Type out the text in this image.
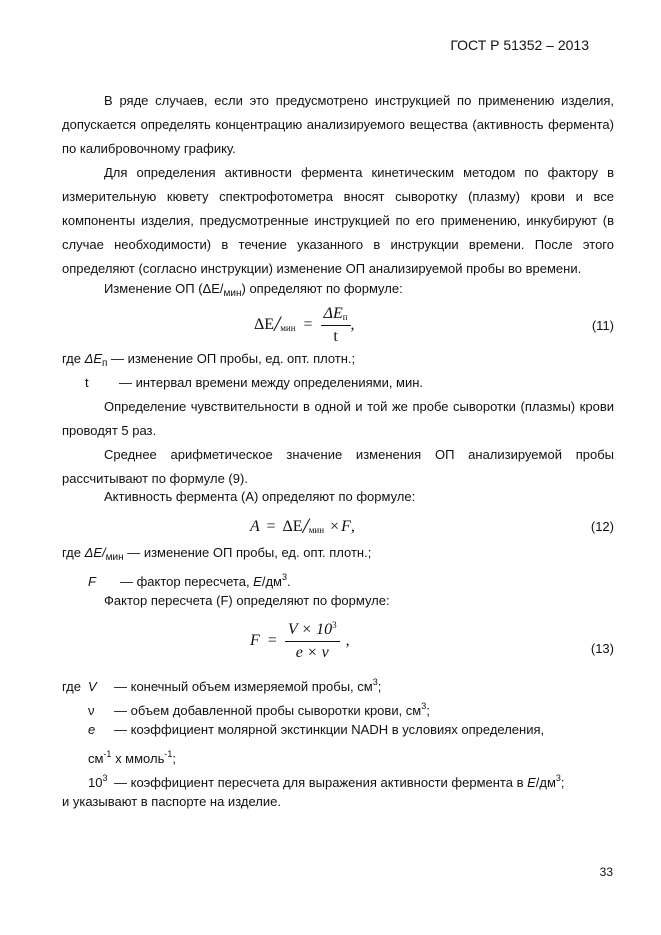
ГОСТ Р 51352 – 2013

В ряде случаев, если это предусмотрено инструкцией по применению изделия, допускается определять концентрацию анализируемого вещества (активность фермента) по калибровочному графику.

Для определения активности фермента кинетическим методом по фактору в измерительную кювету спектрофотометра вносят сыворотку (плазму) крови и все компоненты изделия, предусмотренные инструкцией по его применению, инкубируют (в случае необходимости) в течение указанного в инструкции времени. После этого определяют (согласно инструкции) изменение ОП анализируемой пробы во времени.

Изменение ОП $(\Delta Е/_{мин})$ определяют по формуле:
$\Delta E/мин = \frac{\text{ΔEп}}{t}$ ,	(11)
где $\Delta Е_п$ — изменение ОП пробы, ед. опт. плотн.;
t — интервал времени между определениями, мин.

Определение чувствительности в одной и той же пробе сыворотки (плазмы) крови проводят 5 раз.

Среднее арифметическое значение изменения ОП анализируемой пробы рассчитывают по формуле (9).

Активность фермента (А) определяют по формуле:
A = ΔE/мин × F,	(12)
где $\Delta Е/_{мин}$ — изменение ОП пробы, ед. опт. плотн.;
F — фактор пересчета, $Е/дм^3$.
Фактор пересчета (F) определяют по формуле:
$F = \frac{V \times 10^3}{e \times v}$ ,	(13)
гдеV — конечный объем измеряемой пробы, $см^3$;
ν — объем добавленной пробы сыворотки крови, $см^3$;
e — коэффициент молярной экстинкции NADH в условиях определения,
$см^{-1}$ х ммоль$^{-1}$;
$10^3$ — коэффициент пересчета для выражения активности фермента в $Е/дм^3$;
и указывают в паспорте на изделие.
33
